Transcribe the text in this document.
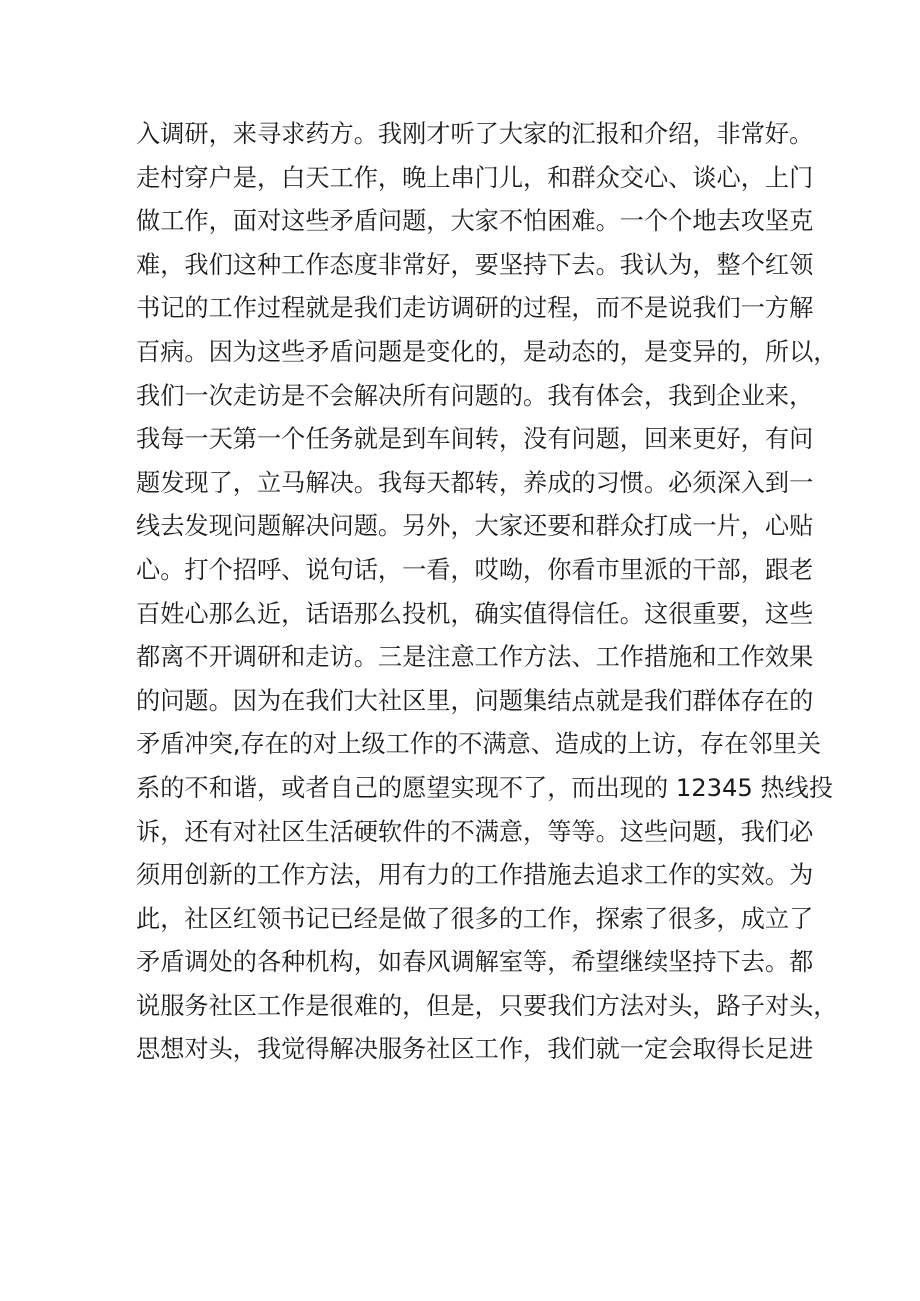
入调研，来寻求药方。我刚才听了大家的汇报和介绍，非常好。
走村穿户是，白天工作，晚上串门儿，和群众交心、谈心，上门
做工作，面对这些矛盾问题，大家不怕困难。一个个地去攻坚克
难，我们这种工作态度非常好，要坚持下去。我认为，整个红领
书记的工作过程就是我们走访调研的过程，而不是说我们一方解
百病。因为这些矛盾问题是变化的，是动态的，是变异的，所以，
我们一次走访是不会解决所有问题的。我有体会，我到企业来，
我每一天第一个任务就是到车间转，没有问题，回来更好，有问
题发现了，立马解决。我每天都转，养成的习惯。必须深入到一
线去发现问题解决问题。另外，大家还要和群众打成一片，心贴
心。打个招呼、说句话，一看，哎呦，你看市里派的干部，跟老
百姓心那么近，话语那么投机，确实值得信任。这很重要，这些
都离不开调研和走访。三是注意工作方法、工作措施和工作效果
的问题。因为在我们大社区里，问题集结点就是我们群体存在的
矛盾冲突,存在的对上级工作的不满意、造成的上访，存在邻里关
系的不和谐，或者自己的愿望实现不了，而出现的 12345 热线投
诉，还有对社区生活硬软件的不满意，等等。这些问题，我们必
须用创新的工作方法，用有力的工作措施去追求工作的实效。为
此，社区红领书记已经是做了很多的工作，探索了很多，成立了
矛盾调处的各种机构，如春风调解室等，希望继续坚持下去。都
说服务社区工作是很难的，但是，只要我们方法对头，路子对头，
思想对头，我觉得解决服务社区工作，我们就一定会取得长足进
